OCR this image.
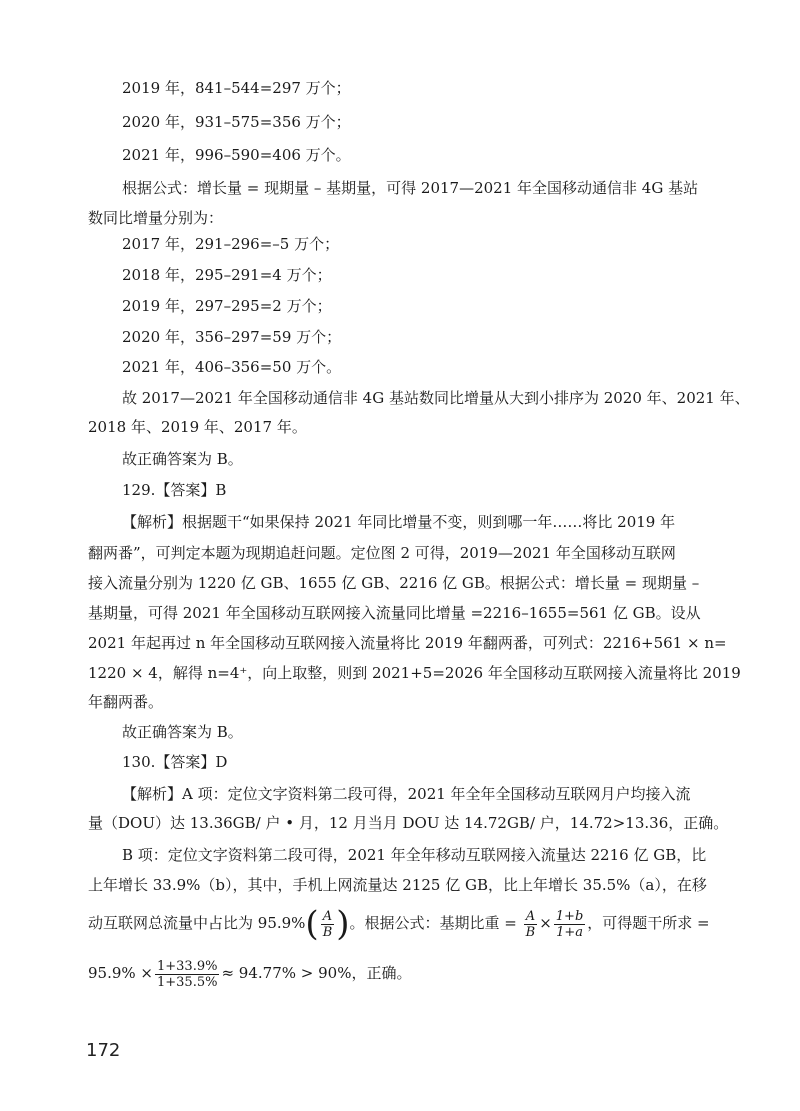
2019 年，841–544=297 万个；
2020 年，931–575=356 万个；
2021 年，996–590=406 万个。
根据公式：增长量 = 现期量 – 基期量，可得 2017—2021 年全国移动通信非 4G 基站
数同比增量分别为：
2017 年，291–296=–5 万个；
2018 年，295–291=4 万个；
2019 年，297–295=2 万个；
2020 年，356–297=59 万个；
2021 年，406–356=50 万个。
故 2017—2021 年全国移动通信非 4G 基站数同比增量从大到小排序为 2020 年、2021 年、
2018 年、2019 年、2017 年。
故正确答案为 B。
129.【答案】B
【解析】根据题干“如果保持 2021 年同比增量不变，则到哪一年……将比 2019 年
翻两番”，可判定本题为现期追赶问题。定位图 2 可得，2019—2021 年全国移动互联网
接入流量分别为 1220 亿 GB、1655 亿 GB、2216 亿 GB。根据公式：增长量 = 现期量 –
基期量，可得 2021 年全国移动互联网接入流量同比增量 =2216–1655=561 亿 GB。设从
2021 年起再过 n 年全国移动互联网接入流量将比 2019 年翻两番，可列式：2216+561 × n=
1220 × 4，解得 n=4⁺，向上取整，则到 2021+5=2026 年全国移动互联网接入流量将比 2019
年翻两番。
故正确答案为 B。
130.【答案】D
【解析】A 项：定位文字资料第二段可得，2021 年全年全国移动互联网月户均接入流
量（DOU）达 13.36GB/ 户 • 月，12 月当月 DOU 达 14.72GB/ 户，14.72>13.36，正确。
B 项：定位文字资料第二段可得，2021 年全年移动互联网接入流量达 2216 亿 GB，比
上年增长 33.9%（b），其中，手机上网流量达 2125 亿 GB，比上年增长 35.5%（a），在移
动互联网总流量中占比为 $95.9\%( \frac{A}{B}$ )。根据公式：基期比重 = $\frac{A}{B} \times \frac{1+b}{1+a}$ ，可得题干所求 =
$95.9\% \times \frac{1+33.9\%}{1+35.5\%} \approx 94.77\% > 90\%$，正确。
172
